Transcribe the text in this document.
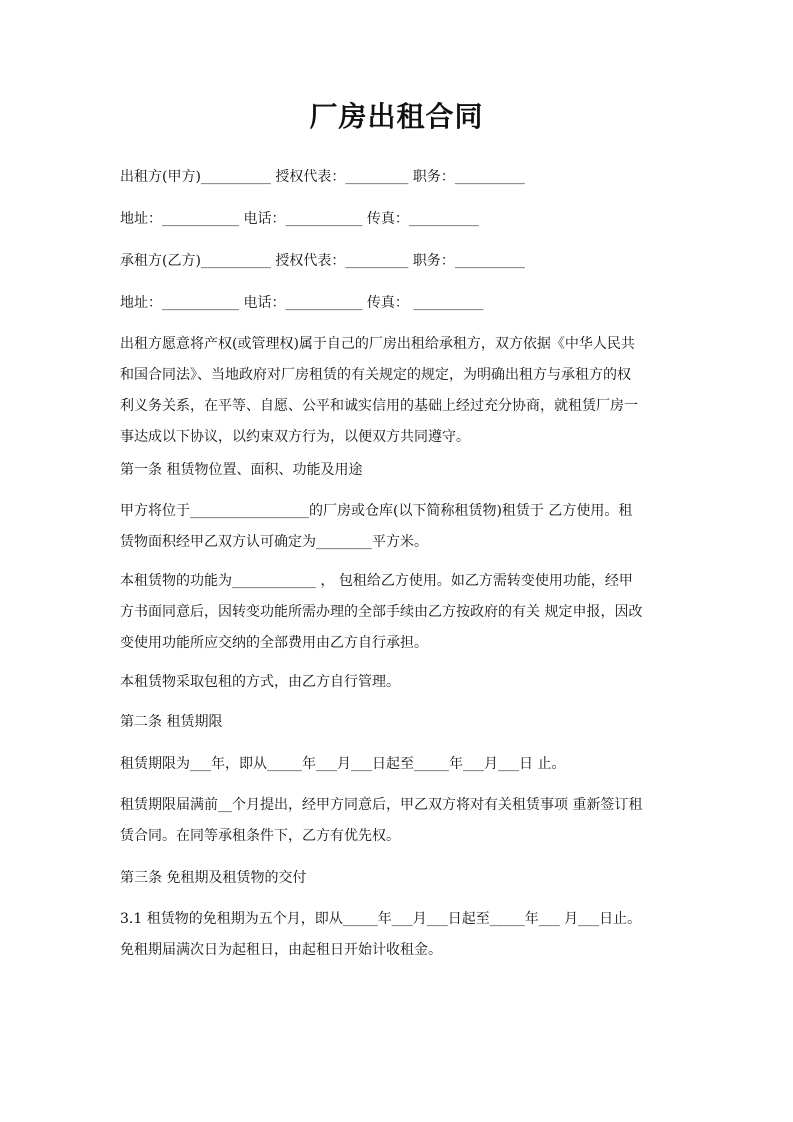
厂房出租合同

出租方(甲方)__________ 授权代表：_________ 职务：__________

地址：___________ 电话：___________ 传真：__________

承租方(乙方)__________ 授权代表：_________ 职务：__________

地址：___________ 电话：___________ 传真： __________

出租方愿意将产权(或管理权)属于自己的厂房出租给承租方，双方依据《中华人民共
和国合同法》、当地政府对厂房租赁的有关规定的规定，为明确出租方与承租方的权
利义务关系，在平等、自愿、公平和诚实信用的基础上经过充分协商，就租赁厂房一
事达成以下协议，以约束双方行为，以便双方共同遵守。

第一条 租赁物位置、面积、功能及用途

甲方将位于_________________的厂房或仓库(以下简称租赁物)租赁于 乙方使用。租
赁物面积经甲乙双方认可确定为________平方米。
本租赁物的功能为____________ ， 包租给乙方使用。如乙方需转变使用功能，经甲
方书面同意后，因转变功能所需办理的全部手续由乙方按政府的有关 规定申报，因改
变使用功能所应交纳的全部费用由乙方自行承担。

本租赁物采取包租的方式，由乙方自行管理。

第二条 租赁期限

租赁期限为___年，即从_____年___月___日起至_____年___月___日 止。

租赁期限届满前__个月提出，经甲方同意后，甲乙双方将对有关租赁事项 重新签订租
赁合同。在同等承租条件下，乙方有优先权。

第三条 免租期及租赁物的交付

3.1 租赁物的免租期为五个月，即从_____年___月___日起至_____年___ 月___日止。
免租期届满次日为起租日，由起租日开始计收租金。
